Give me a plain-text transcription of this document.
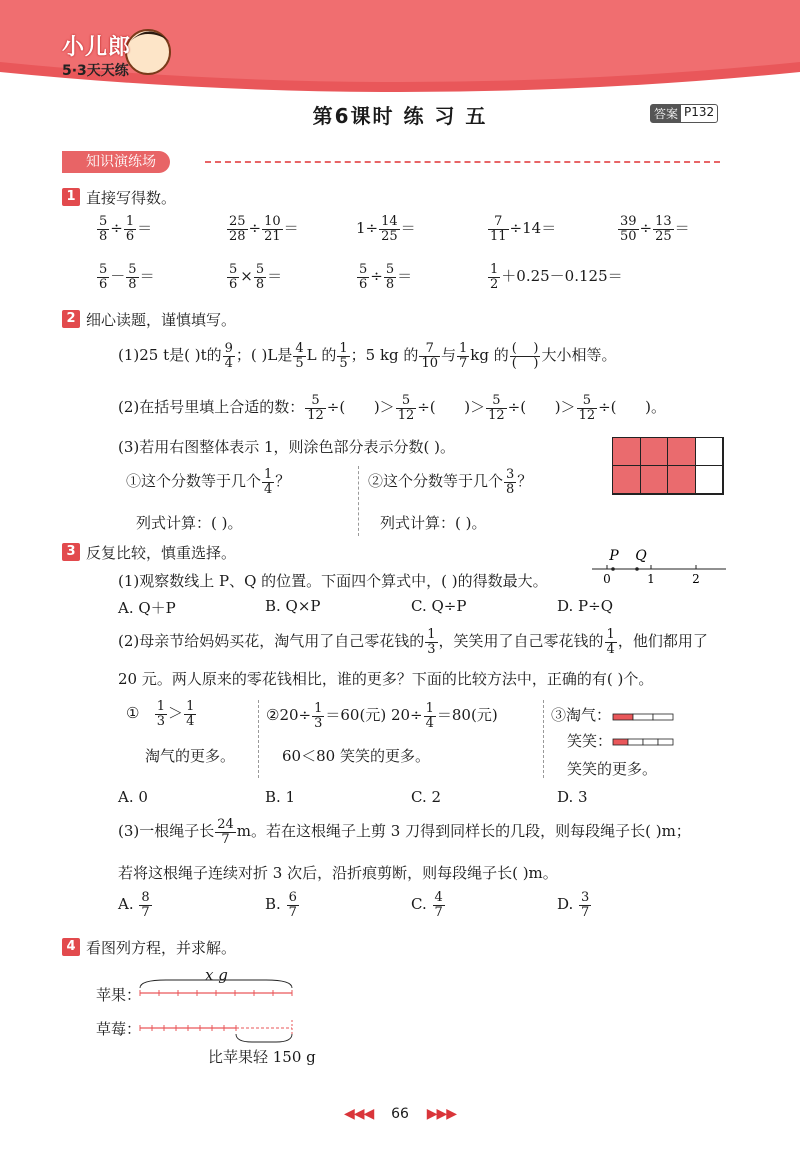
小儿郎
5·3天天练
第6课时 练 习 五	答案 P132
知识演练场
1 直接写得数。
$\frac{5}{8} \div \frac{1}{6}$ ＝	$\frac{25}{28} \div \frac{10}{21}$ ＝	$1\div \frac{14}{25}$ ＝	$\frac{7}{11} \div 14=$	$\frac{39}{50} \div \frac{13}{25}$ ＝
$\frac{5}{6} - \frac{5}{8}$ ＝	$\frac{5}{6} \times \frac{5}{8}$ ＝	$\frac{5}{6} \div \frac{5}{8}$ ＝	$\frac{1}{2} +0.25-0.125=$
2 细心读题，谨慎填写。
(1)25 t是( )t的 $\frac{9}{4}$ ；( )L是 $\frac{4}{5}$ L 的 $\frac{1}{5}$ ；5 kg 的 $\frac{7}{10}$ 与 $\frac{1}{7}$ kg 的 $\frac{( )}{( )}$ 大小相等。
(2)在括号里填上合适的数： $\frac{5}{12}$ ÷(      )＞ $\frac{5}{12}$ ÷(      )＞ $\frac{5}{12}$ ÷(      )＞ $\frac{5}{12}$ ÷(      )。
(3)若用右图整体表示 1，则涂色部分表示分数( )。
①这个分数等于几个 $\frac{1}{4}$ ？	②这个分数等于几个 $\frac{3}{8}$ ？
列式计算：( )。	列式计算：( )。
3 反复比较，慎重选择。
(1)观察数线上 P、Q 的位置。下面四个算式中，( )的得数最大。
P Q
0	1	2
A. Q＋P	B. Q×P	C. Q÷P	D. P÷Q
(2)母亲节给妈妈买花，淘气用了自己零花钱的 $\frac{1}{3}$ ，笑笑用了自己零花钱的 $\frac{1}{4}$ ，他们都用了
20 元。两人原来的零花钱相比，谁的更多？下面的比较方法中，正确的有( )个。
① $\frac{1}{3} > \frac{1}{4}$
淘气的更多。
②20÷ $\frac{1}{3} =60$(元) $20\div \frac{1}{4} =80$(元)
60＜80 笑笑的更多。
③淘气：
笑笑：
笑笑的更多。
A. 0	B. 1	C. 2	D. 3
(3)一根绳子长 $\frac{24}{7}$ m。若在这根绳子上剪 3 刀得到同样长的几段，则每段绳子长( )m；
若将这根绳子连续对折 3 次后，沿折痕剪断，则每段绳子长( )m。
A. $\frac{8}{7}$	B. $\frac{6}{7}$	C. $\frac{4}{7}$	D. $\frac{3}{7}$
4 看图列方程，并求解。
x g
苹果：
草莓：
比苹果轻 150 g
◀◀◀ 66 ▶▶▶
